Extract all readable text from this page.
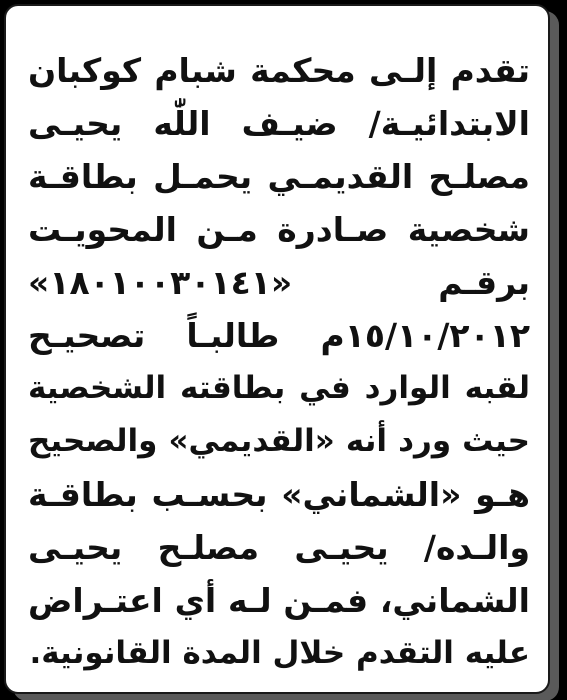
تقدم إلـى محكمة شبام كوكبان
الابتدائيـة/ ضيـف اللّٰه يحيـى
مصلـح القديمـي يحمـل بطاقـة
شخصية صـادرة مـن المحويـت
برقـم «١٨٠١٠٠٣٠١٤١»
١٥/١٠/٢٠١٢م طالبـاً تصحيـح
لقبه الوارد في بطاقته الشخصية
حيث ورد أنه «القديمي» والصحيح
هـو «الشماني» بحسـب بطاقـة
والـده/ يحيـى مصلـح يحيـى
الشماني، فمـن لـه أي اعتـراض
عليه التقدم خلال المدة القانونية.
